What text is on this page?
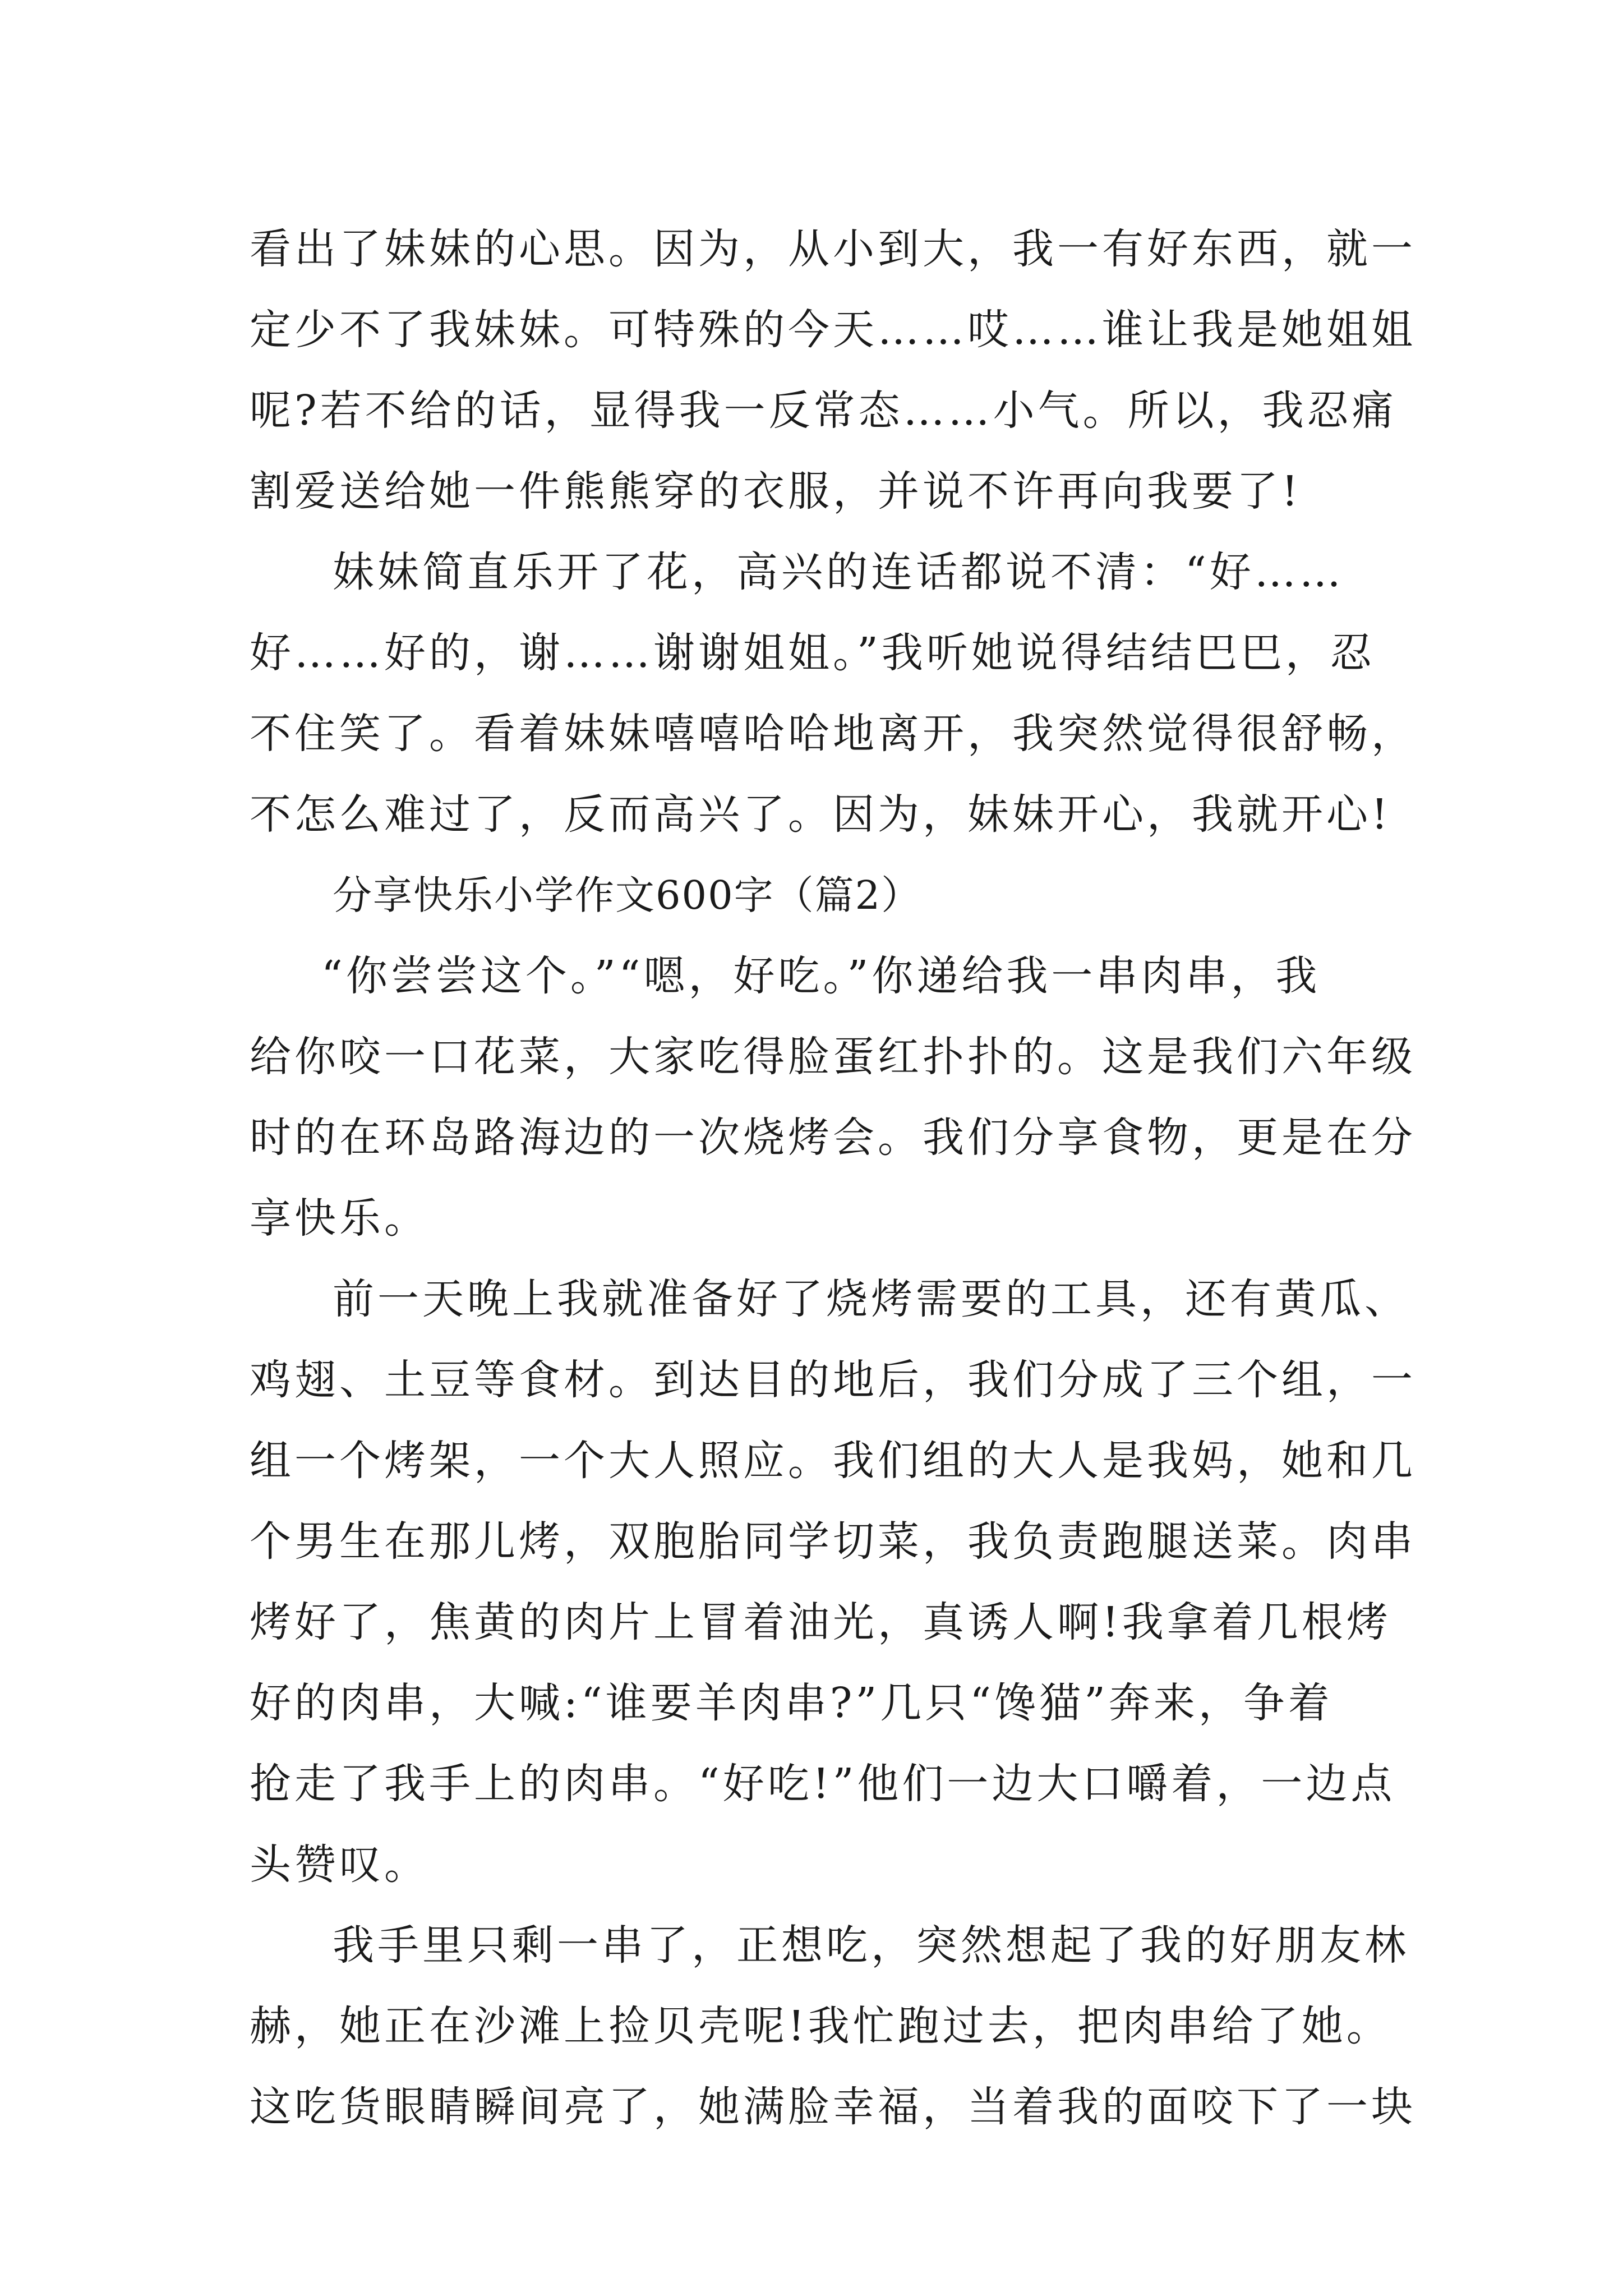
看出了妹妹的心思。因为，从小到大，我一有好东西，就一
定少不了我妹妹。可特殊的今天……哎……谁让我是她姐姐
呢?若不给的话，显得我一反常态……小气。所以，我忍痛
割爱送给她一件熊熊穿的衣服，并说不许再向我要了!
妹妹简直乐开了花，高兴的连话都说不清：“好……
好……好的，谢……谢谢姐姐。”我听她说得结结巴巴，忍
不住笑了。看着妹妹嘻嘻哈哈地离开，我突然觉得很舒畅，
不怎么难过了，反而高兴了。因为，妹妹开心，我就开心!
分享快乐小学作文600字（篇2）
“你尝尝这个。”“嗯，好吃。”你递给我一串肉串，我
给你咬一口花菜，大家吃得脸蛋红扑扑的。这是我们六年级
时的在环岛路海边的一次烧烤会。我们分享食物，更是在分
享快乐。
前一天晚上我就准备好了烧烤需要的工具，还有黄瓜、
鸡翅、土豆等食材。到达目的地后，我们分成了三个组，一
组一个烤架，一个大人照应。我们组的大人是我妈，她和几
个男生在那儿烤，双胞胎同学切菜，我负责跑腿送菜。肉串
烤好了，焦黄的肉片上冒着油光，真诱人啊!我拿着几根烤
好的肉串，大喊:“谁要羊肉串?”几只“馋猫”奔来，争着
抢走了我手上的肉串。“好吃!”他们一边大口嚼着，一边点
头赞叹。
我手里只剩一串了，正想吃，突然想起了我的好朋友林
赫，她正在沙滩上捡贝壳呢!我忙跑过去，把肉串给了她。
这吃货眼睛瞬间亮了，她满脸幸福，当着我的面咬下了一块
